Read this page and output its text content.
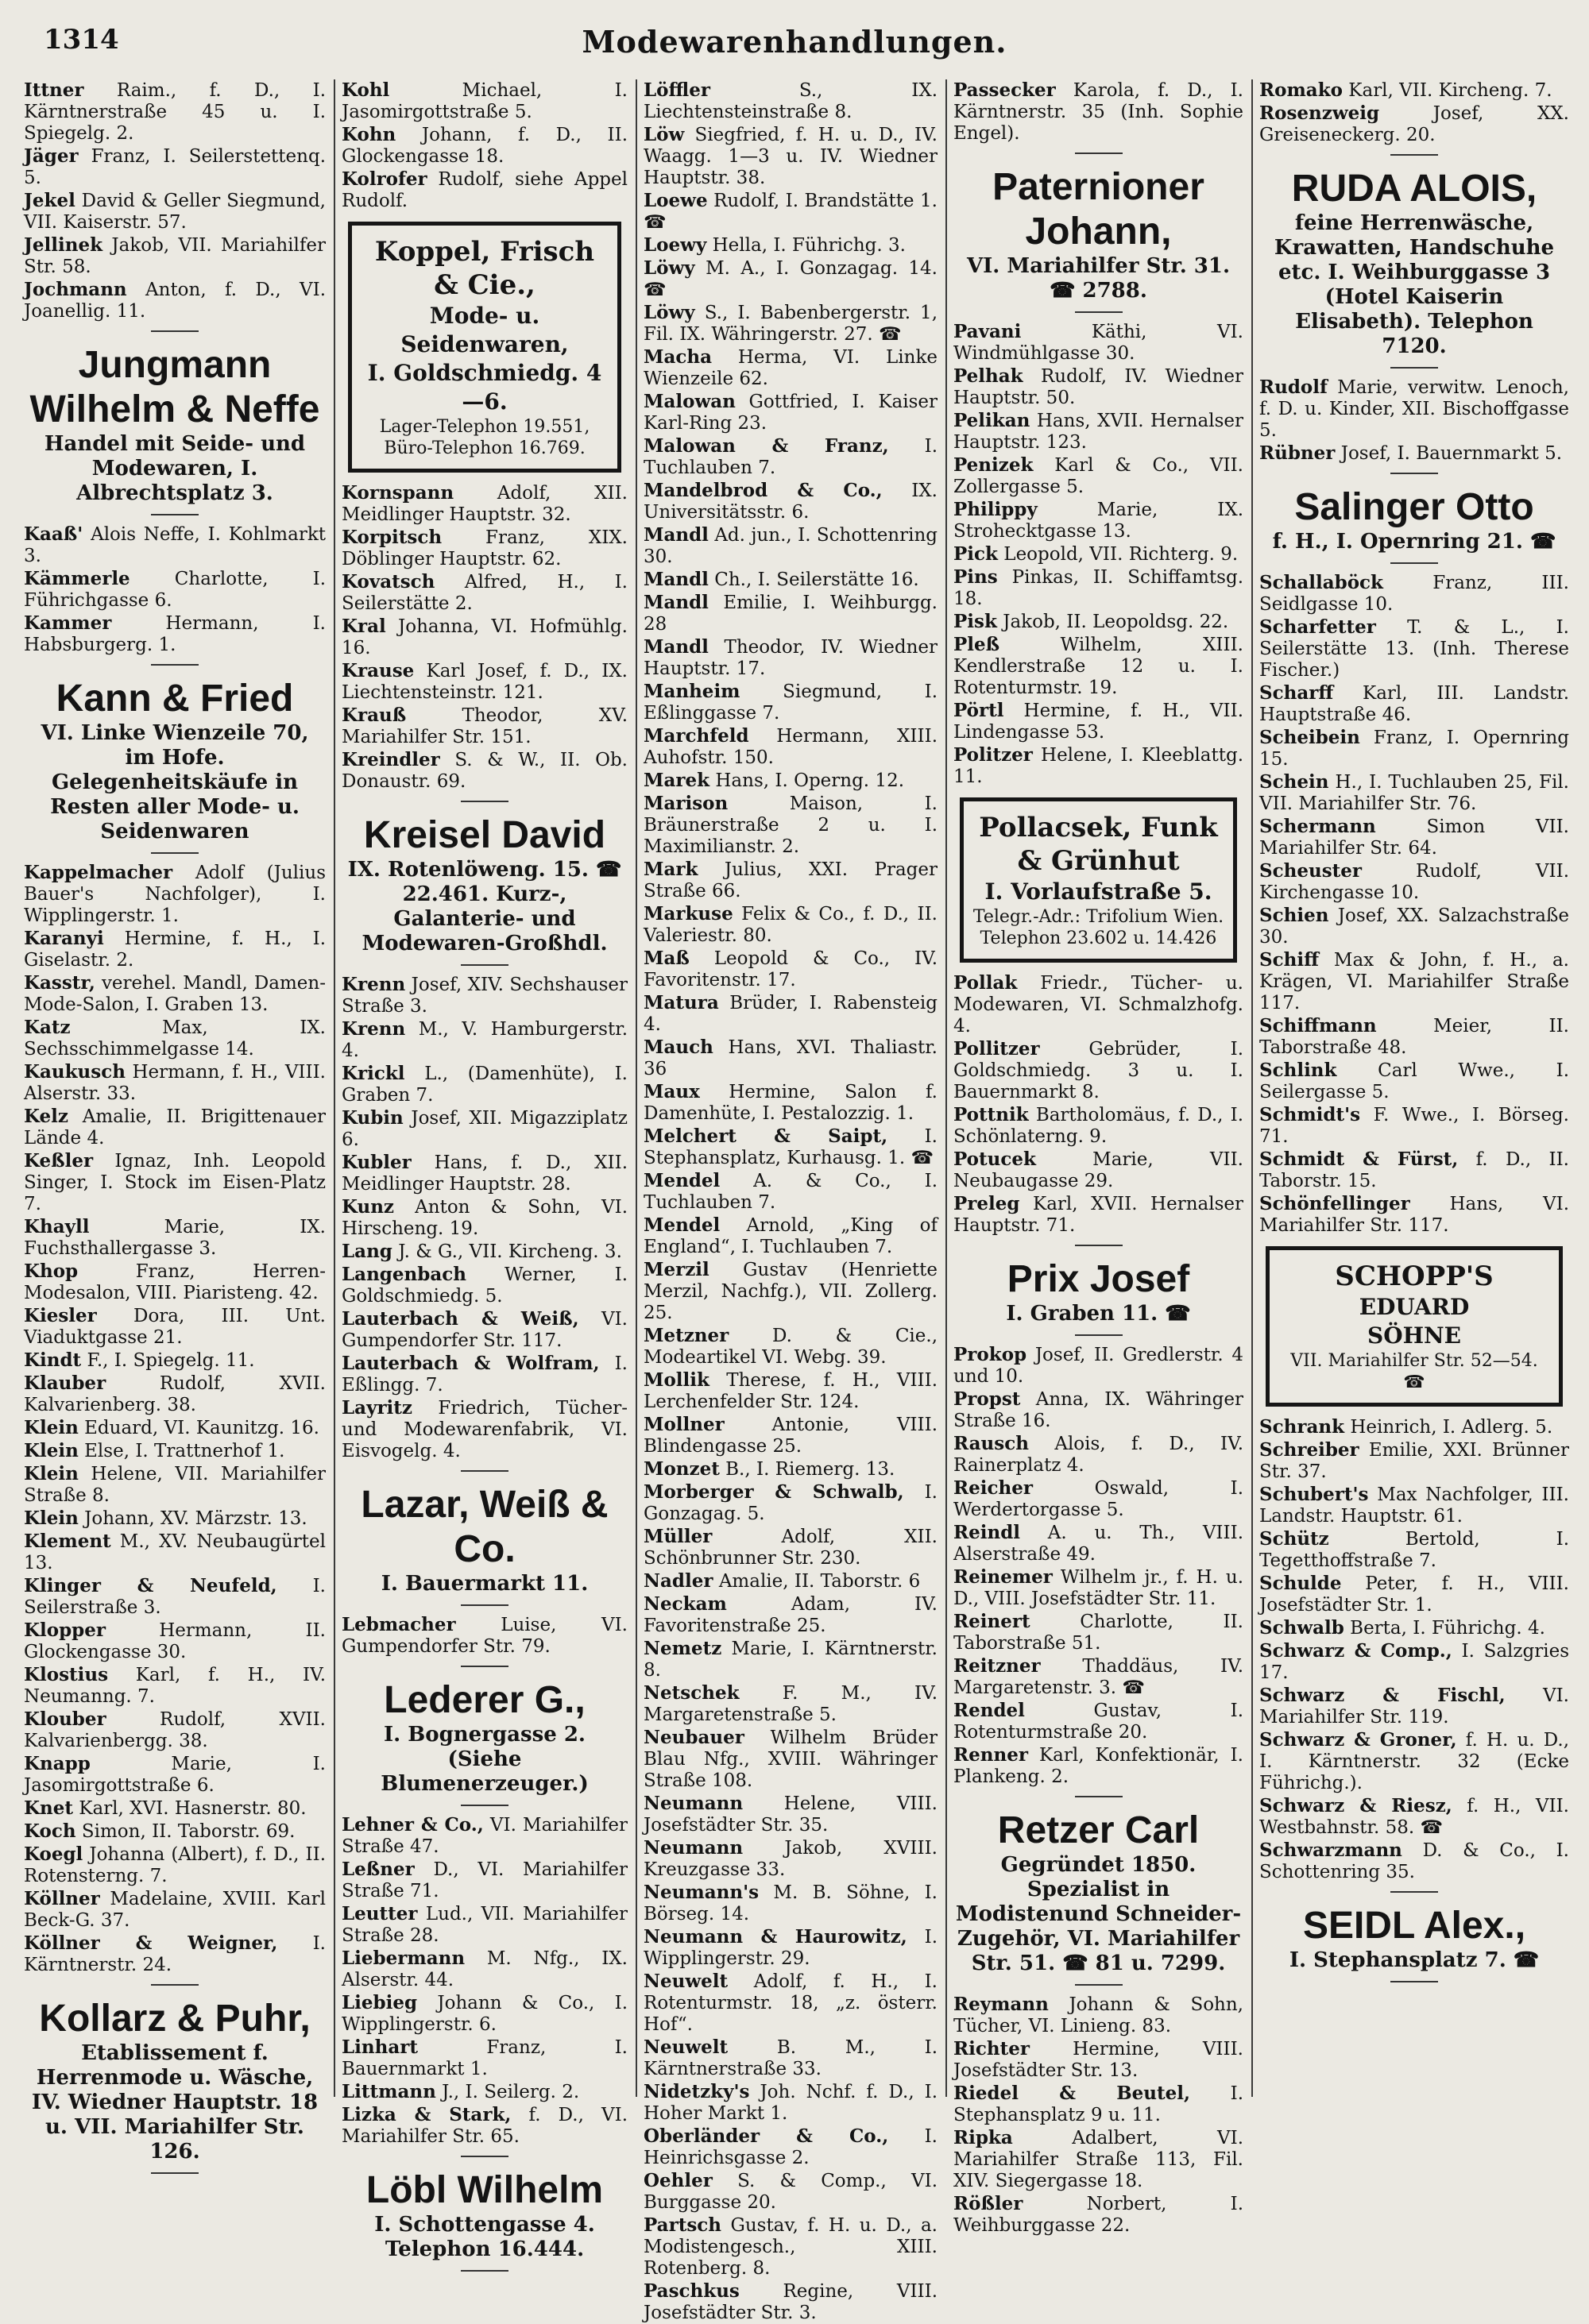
1314	Modewarenhandlungen.
Ittner Raim., f. D., I. Kärntnerstraße 45 u. I. Spiegelg. 2.
Jäger Franz, I. Seilerstettenq. 5.
Jekel David & Geller Siegmund, VII. Kaiserstr. 57.
Jellinek Jakob, VII. Mariahilfer Str. 58.
Jochmann Anton, f. D., VI. Joanellig. 11.
Jungmann Wilhelm & Neffe
Handel mit Seide- und Modewaren, I. Albrechtsplatz 3.
Kaaß' Alois Neffe, I. Kohlmarkt 3.
Kämmerle Charlotte, I. Führichgasse 6.
Kammer	Hermann, I. Habsburgerg. 1.
Kann & Fried
VI. Linke Wienzeile 70, im Hofe. Gelegenheitskäufe in Resten aller Mode- u. Seidenwaren
Kappelmacher Adolf (Julius Bauer's Nachfolger), I. Wipplingerstr. 1.
Karanyi Hermine, f. H., I. Giselastr. 2.
Kasstr, verehel. Mandl, Damen-Mode-Salon, I. Graben 13.
Katz	Max, IX. Sechsschimmelgasse 14.
Kaukusch Hermann, f. H., VIII. Alserstr. 33.
Kelz Amalie, II. Brigittenauer Lände 4.
Keßler Ignaz, Inh. Leopold Singer, I. Stock im Eisen-Platz 7.
Khayll	Marie, IX. Fuchsthallergasse 3.
Khop	Franz, Herren-Modesalon, VIII. Piaristeng. 42.
Kiesler Dora, III. Unt. Viaduktgasse 21.
Kindt F., I. Spiegelg. 11.
Klauber	Rudolf, XVII. Kalvarienberg. 38.
Klein Eduard, VI. Kaunitzg. 16.
Klein Else, I. Trattnerhof 1.
Klein Helene, VII. Mariahilfer Straße 8.
Klein Johann, XV. Märzstr. 13.
Klement M., XV. Neubaugürtel 13.
Klinger & Neufeld, I. Seilerstraße 3.
Klopper	Hermann, II. Glockengasse 30.
Klostius Karl, f. H., IV. Neumanng. 7.
Klouber	Rudolf, XVII. Kalvarienbergg. 38.
Knapp	Marie, I. Jasomirgottstraße 6.
Knet Karl, XVI. Hasnerstr. 80.
Koch Simon, II. Taborstr. 69.
Koegl Johanna (Albert), f. D., II. Rotensterng. 7.
Köllner Madelaine, XVIII. Karl Beck-G. 37.
Köllner & Weigner, I. Kärntnerstr. 24.
Kollarz & Puhr,
Etablissement f. Herrenmode u. Wäsche, IV. Wiedner Hauptstr. 18 u. VII. Mariahilfer Str. 126.
Kohl	Michael, I. Jasomirgottstraße 5.
Kohn Johann, f. D., II. Glockengasse 18.
Kolrofer Rudolf, siehe Appel Rudolf.
Koppel, Frisch & Cie.,
Mode- u. Seidenwaren,
I. Goldschmiedg. 4—6.
Lager-Telephon 19.551,
Büro-Telephon 16.769.
Kornspann Adolf, XII. Meidlinger Hauptstr. 32.
Korpitsch Franz, XIX. Döblinger Hauptstr. 62.
Kovatsch Alfred, H., I. Seilerstätte 2.
Kral Johanna, VI. Hofmühlg. 16.
Krause Karl Josef, f. D., IX. Liechtensteinstr. 121.
Krauß	Theodor, XV. Mariahilfer Str. 151.
Kreindler S. & W., II. Ob. Donaustr. 69.
Kreisel David
IX. Rotenlöweng. 15. ☎ 22.461. Kurz-, Galanterie- und Modewaren-Großhdl.
Krenn Josef, XIV. Sechshauser Straße 3.
Krenn M., V. Hamburgerstr. 4.
Krickl L., (Damenhüte), I. Graben 7.
Kubin Josef, XII. Migazziplatz 6.
Kubler Hans, f. D., XII. Meidlinger Hauptstr. 28.
Kunz Anton & Sohn, VI. Hirscheng. 19.
Lang J. & G., VII. Kircheng. 3.
Langenbach Werner, I. Goldschmiedg. 5.
Lauterbach & Weiß, VI. Gumpendorfer Str. 117.
Lauterbach & Wolfram, I. Eßlingg. 7.
Layritz Friedrich, Tücher- und Modewarenfabrik, VI. Eisvogelg. 4.
Lazar, Weiß & Co.
I. Bauermarkt 11.
Lebmacher Luise, VI. Gumpendorfer Str. 79.
Lederer G.,
I. Bognergasse 2.
(Siehe Blumenerzeuger.)
Lehner & Co., VI. Mariahilfer Straße 47.
Leßner D., VI. Mariahilfer Straße 71.
Leutter Lud., VII. Mariahilfer Straße 28.
Liebermann M. Nfg., IX. Alserstr. 44.
Liebieg Johann & Co., I. Wipplingerstr. 6.
Linhart	Franz, I. Bauernmarkt 1.
Littmann J., I. Seilerg. 2.
Lizka & Stark, f. D., VI. Mariahilfer Str. 65.
Löbl Wilhelm
I. Schottengasse 4. Telephon 16.444.
Löffler	S., IX. Liechtensteinstraße 8.
Löw Siegfried, f. H. u. D., IV. Waagg. 1—3 u. IV. Wiedner Hauptstr. 38.
Loewe Rudolf, I. Brandstätte 1. ☎
Loewy Hella, I. Führichg. 3.
Löwy M. A., I. Gonzagag. 14. ☎
Löwy S., I. Babenbergerstr. 1, Fil. IX. Währingerstr. 27. ☎
Macha Herma, VI. Linke Wienzeile 62.
Malowan Gottfried, I. Kaiser Karl-Ring 23.
Malowan & Franz, I. Tuchlauben 7.
Mandelbrod & Co., IX. Universitätsstr. 6.
Mandl Ad. jun., I. Schottenring 30.
Mandl Ch., I. Seilerstätte 16.
Mandl Emilie, I. Weihburgg. 28
Mandl Theodor, IV. Wiedner Hauptstr. 17.
Manheim Siegmund, I. Eßlinggasse 7.
Marchfeld Hermann, XIII. Auhofstr. 150.
Marek Hans, I. Operng. 12.
Marison	Maison, I. Bräunerstraße 2 u. I. Maximilianstr. 2.
Mark Julius, XXI. Prager Straße 66.
Markuse Felix & Co., f. D., II. Valeriestr. 80.
Maß Leopold & Co., IV. Favoritenstr. 17.
Matura Brüder, I. Rabensteig 4.
Mauch Hans, XVI. Thaliastr. 36
Maux Hermine, Salon f. Damenhüte, I. Pestalozzig. 1.
Melchert & Saipt, I. Stephansplatz, Kurhausg. 1. ☎
Mendel A. & Co., I. Tuchlauben 7.
Mendel Arnold, „King of England“, I. Tuchlauben 7.
Merzil Gustav (Henriette Merzil, Nachfg.), VII. Zollerg. 25.
Metzner D. & Cie., Modeartikel VI. Webg. 39.
Mollik Therese, f. H., VIII. Lerchenfelder Str. 124.
Mollner	Antonie, VIII. Blindengasse 25.
Monzet B., I. Riemerg. 13.
Morberger & Schwalb, I. Gonzagag. 5.
Müller	Adolf, XII. Schönbrunner Str. 230.
Nadler Amalie, II. Taborstr. 6
Neckam	Adam, IV. Favoritenstraße 25.
Nemetz Marie, I. Kärntnerstr. 8.
Netschek F. M., IV. Margaretenstraße 5.
Neubauer Wilhelm Brüder Blau Nfg., XVIII. Währinger Straße 108.
Neumann Helene, VIII. Josefstädter Str. 35.
Neumann Jakob, XVIII. Kreuzgasse 33.
Neumann's M. B. Söhne, I. Börseg. 14.
Neumann & Haurowitz, I. Wipplingerstr. 29.
Neuwelt Adolf, f. H., I. Rotenturmstr. 18, „z. österr. Hof“.
Neuwelt	B. M., I. Kärntnerstraße 33.
Nidetzky's Joh. Nchf. f. D., I. Hoher Markt 1.
Oberländer & Co., I. Heinrichsgasse 2.
Oehler S. & Comp., VI. Burggasse 20.
Partsch Gustav, f. H. u. D., a. Modistengesch., XIII. Rotenberg. 8.
Paschkus Regine, VIII. Josefstädter Str. 3.
Passecker Karola, f. D., I. Kärntnerstr. 35 (Inh. Sophie Engel).
Paternioner Johann,
VI. Mariahilfer Str. 31. ☎ 2788.
Pavani	Käthi, VI. Windmühlgasse 30.
Pelhak Rudolf, IV. Wiedner Hauptstr. 50.
Pelikan Hans, XVII. Hernalser Hauptstr. 123.
Penizek Karl & Co., VII. Zollergasse 5.
Philippy	Marie, IX. Strohecktgasse 13.
Pick Leopold, VII. Richterg. 9.
Pins Pinkas, II. Schiffamtsg. 18.
Pisk Jakob, II. Leopoldsg. 22.
Pleß	Wilhelm, XIII. Kendlerstraße 12 u. I. Rotenturmstr. 19.
Pörtl Hermine, f. H., VII. Lindengasse 53.
Politzer Helene, I. Kleeblattg. 11.
Pollacsek, Funk & Grünhut
I. Vorlaufstraße 5.
Telegr.-Adr.: Trifolium Wien.
Telephon 23.602 u. 14.426
Pollak Friedr., Tücher- u. Modewaren, VI. Schmalzhofg. 4.
Pollitzer	Gebrüder, I. Goldschmiedg. 3 u. I. Bauernmarkt 8.
Pottnik Bartholomäus, f. D., I. Schönlaterng. 9.
Potucek	Marie, VII. Neubaugasse 29.
Preleg Karl, XVII. Hernalser Hauptstr. 71.
Prix Josef
I. Graben 11. ☎
Prokop Josef, II. Gredlerstr. 4 und 10.
Propst Anna, IX. Währinger Straße 16.
Rausch Alois, f. D., IV. Rainerplatz 4.
Reicher	Oswald, I. Werdertorgasse 5.
Reindl A. u. Th., VIII. Alserstraße 49.
Reinemer Wilhelm jr., f. H. u. D., VIII. Josefstädter Str. 11.
Reinert	Charlotte, II. Taborstraße 51.
Reitzner Thaddäus, IV. Margaretenstr. 3. ☎
Rendel	Gustav, I. Rotenturmstraße 20.
Renner Karl, Konfektionär, I. Plankeng. 2.
Retzer Carl
Gegründet 1850.
Spezialist in Modistenund Schneider-Zugehör, VI. Mariahilfer Str. 51. ☎ 81 u. 7299.
Reymann Johann & Sohn, Tücher, VI. Linieng. 83.
Richter Hermine, VIII. Josefstädter Str. 13.
Riedel & Beutel, I. Stephansplatz 9 u. 11.
Ripka	Adalbert, VI. Mariahilfer Straße 113, Fil. XIV. Siegergasse 18.
Rößler	Norbert, I. Weihburggasse 22.
Romako Karl, VII. Kircheng. 7.
Rosenzweig	Josef, XX. Greiseneckerg. 20.
RUDA ALOIS,
feine Herrenwäsche, Krawatten, Handschuhe etc. I. Weihburggasse 3 (Hotel Kaiserin Elisabeth). Telephon 7120.
Rudolf Marie, verwitw. Lenoch, f. D. u. Kinder, XII. Bischoffgasse 5.
Rübner Josef, I. Bauernmarkt 5.
Salinger Otto
f. H., I. Opernring 21. ☎
Schallaböck	Franz, III. Seidlgasse 10.
Scharfetter T. & L., I. Seilerstätte 13. (Inh. Therese Fischer.)
Scharff Karl, III. Landstr. Hauptstraße 46.
Scheibein Franz, I. Opernring 15.
Schein H., I. Tuchlauben 25, Fil. VII. Mariahilfer Str. 76.
Schermann	Simon VII. Mariahilfer Str. 64.
Scheuster	Rudolf, VII. Kirchengasse 10.
Schien Josef, XX. Salzachstraße 30.
Schiff Max & John, f. H., a. Krägen, VI. Mariahilfer Straße 117.
Schiffmann	Meier, II. Taborstraße 48.
Schlink Carl Wwe., I. Seilergasse 5.
Schmidt's F. Wwe., I. Börseg. 71.
Schmidt & Fürst, f. D., II. Taborstr. 15.
Schönfellinger Hans, VI. Mariahilfer Str. 117.
SCHOPP'S
EDUARD
SÖHNE
VII. Mariahilfer Str. 52—54. ☎
Schrank Heinrich, I. Adlerg. 5.
Schreiber Emilie, XXI. Brünner Str. 37.
Schubert's Max Nachfolger, III. Landstr. Hauptstr. 61.
Schütz	Bertold, I. Tegetthoffstraße 7.
Schulde Peter, f. H., VIII. Josefstädter Str. 1.
Schwalb Berta, I. Führichg. 4.
Schwarz & Comp., I. Salzgries 17.
Schwarz & Fischl, VI. Mariahilfer Str. 119.
Schwarz & Groner, f. H. u. D., I. Kärntnerstr. 32 (Ecke Führichg.).
Schwarz & Riesz, f. H., VII. Westbahnstr. 58. ☎
Schwarzmann D. & Co., I. Schottenring 35.
SEIDL Alex.,
I. Stephansplatz 7. ☎
